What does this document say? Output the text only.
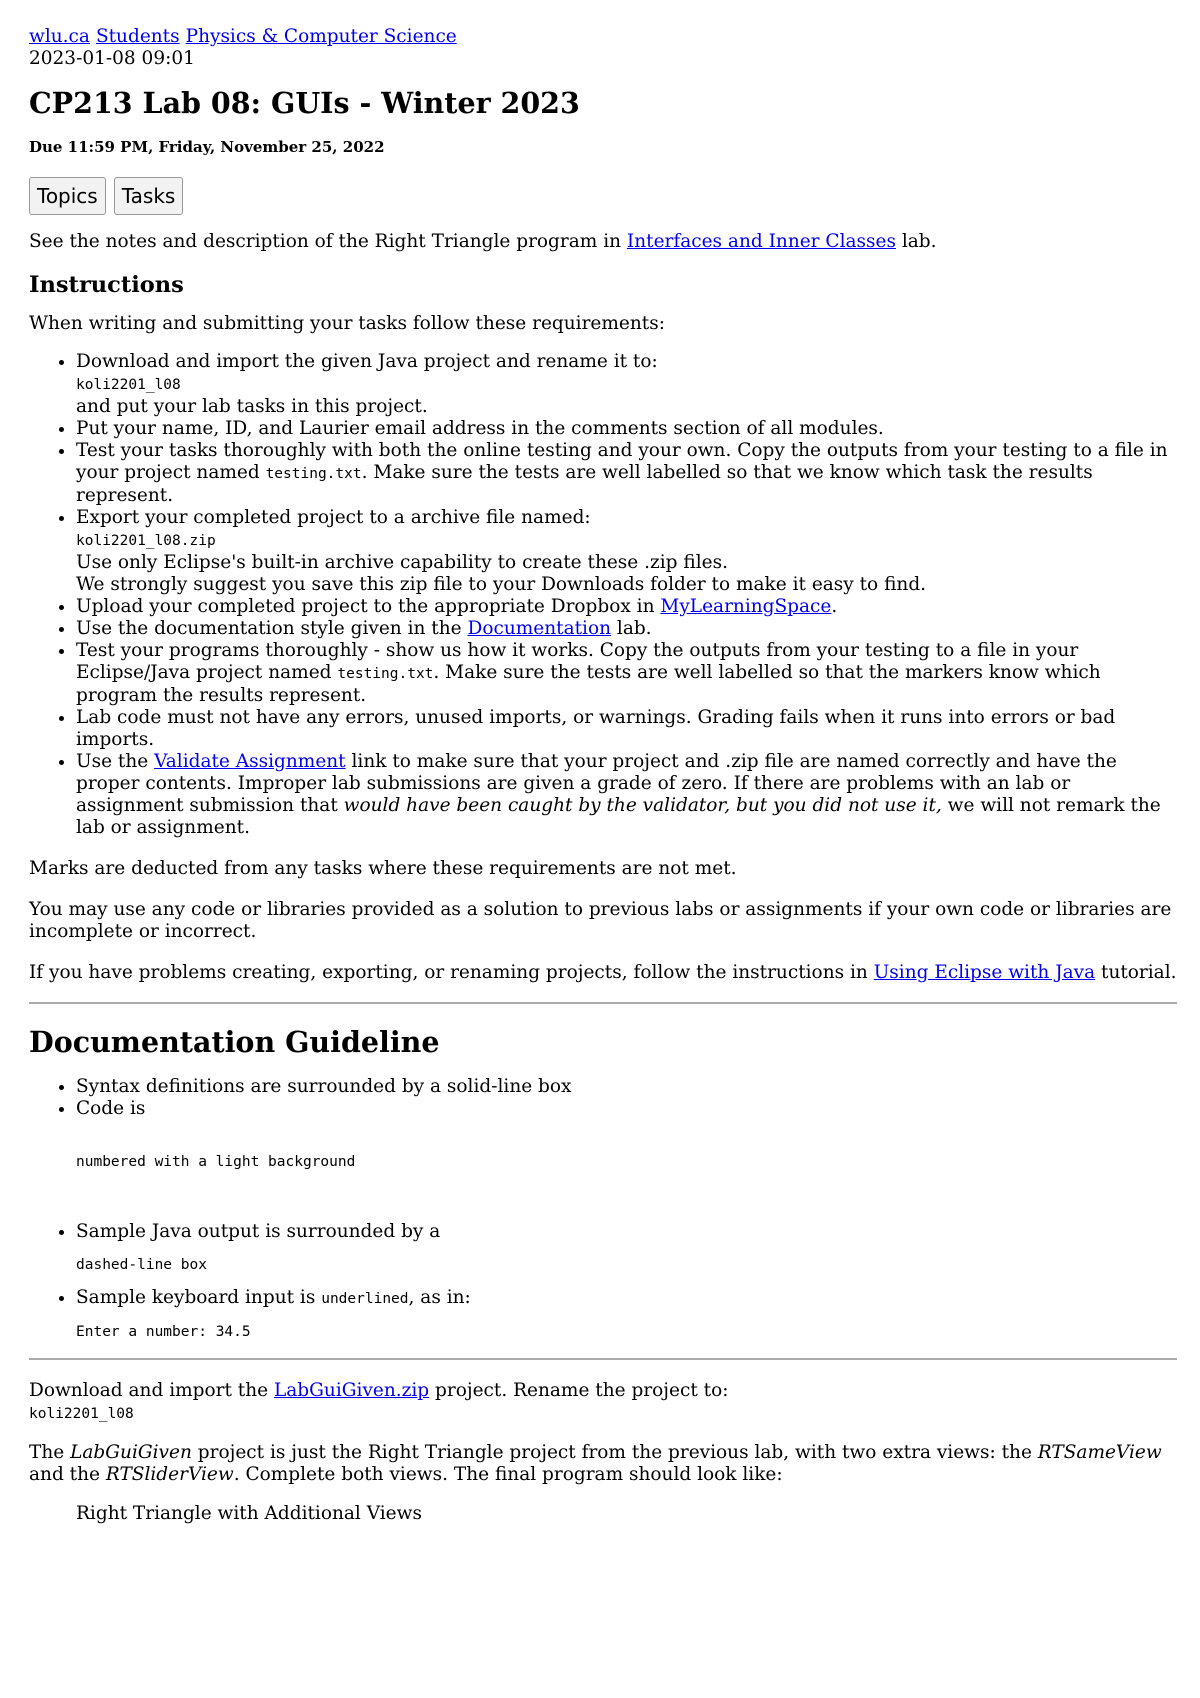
wlu.ca Students Physics & Computer Science
2023-01-08 09:01
CP213 Lab 08: GUIs - Winter 2023
Due 11:59 PM, Friday, November 25, 2022
Topics	Tasks

See the notes and description of the Right Triangle program in Interfaces and Inner Classes lab.

Instructions

When writing and submitting your tasks follow these requirements:

• Download and import the given Java project and rename it to:
koli2201_l08
and put your lab tasks in this project.
• Put your name, ID, and Laurier email address in the comments section of all modules.
• Test your tasks thoroughly with both the online testing and your own. Copy the outputs from your testing to a file in your project named testing.txt. Make sure the tests are well labelled so that we know which task the results represent.
• Export your completed project to a archive file named:
koli2201_l08.zip
Use only Eclipse's built-in archive capability to create these .zip files.
We strongly suggest you save this zip file to your Downloads folder to make it easy to find.
• Upload your completed project to the appropriate Dropbox in MyLearningSpace.
• Use the documentation style given in the Documentation lab.
• Test your programs thoroughly - show us how it works. Copy the outputs from your testing to a file in your Eclipse/Java project named testing.txt. Make sure the tests are well labelled so that the markers know which program the results represent.
• Lab code must not have any errors, unused imports, or warnings. Grading fails when it runs into errors or bad imports.
• Use the Validate Assignment link to make sure that your project and .zip file are named correctly and have the proper contents. Improper lab submissions are given a grade of zero. If there are problems with an lab or assignment submission that would have been caught by the validator, but you did not use it, we will not remark the lab or assignment.

Marks are deducted from any tasks where these requirements are not met.

You may use any code or libraries provided as a solution to previous labs or assignments if your own code or libraries are incomplete or incorrect.

If you have problems creating, exporting, or renaming projects, follow the instructions in Using Eclipse with Java tutorial.

Documentation Guideline
• Syntax definitions are surrounded by a solid-line box
• Code is
numbered with a light background
• Sample Java output is surrounded by a
dashed-line box
• Sample keyboard input is underlined, as in:
Enter a number: 34.5

Download and import the LabGuiGiven.zip project. Rename the project to:
koli2201_l08

The LabGuiGiven project is just the Right Triangle project from the previous lab, with two extra views: the RTSameView and the RTSliderView. Complete both views. The final program should look like:

Right Triangle with Additional Views
